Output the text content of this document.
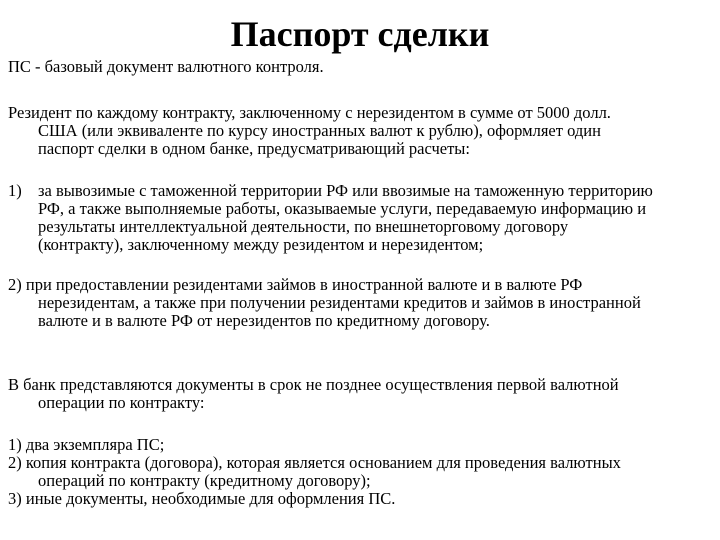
Паспорт сделки

ПС - базовый документ валютного контроля.

Резидент по каждому контракту, заключенному с нерезидентом в сумме от 5000 долл.
США (или эквиваленте по курсу иностранных валют к рублю), оформляет один
паспорт сделки в одном банке, предусматривающий расчеты:
1) за вывозимые с таможенной территории РФ или ввозимые на таможенную территорию
РФ, а также выполняемые работы, оказываемые услуги, передаваемую информацию и
результаты интеллектуальной деятельности, по внешнеторговому договору
(контракту), заключенному между резидентом и нерезидентом;
2) при предоставлении резидентами займов в иностранной валюте и в валюте РФ
нерезидентам, а также при получении резидентами кредитов и займов в иностранной
валюте и в валюте РФ от нерезидентов по кредитному договору.
В банк представляются документы в срок не позднее осуществления первой валютной
операции по контракту:
1) два экземпляра ПС;
2) копия контракта (договора), которая является основанием для проведения валютных
операций по контракту (кредитному договору);
3) иные документы, необходимые для оформления ПС.
